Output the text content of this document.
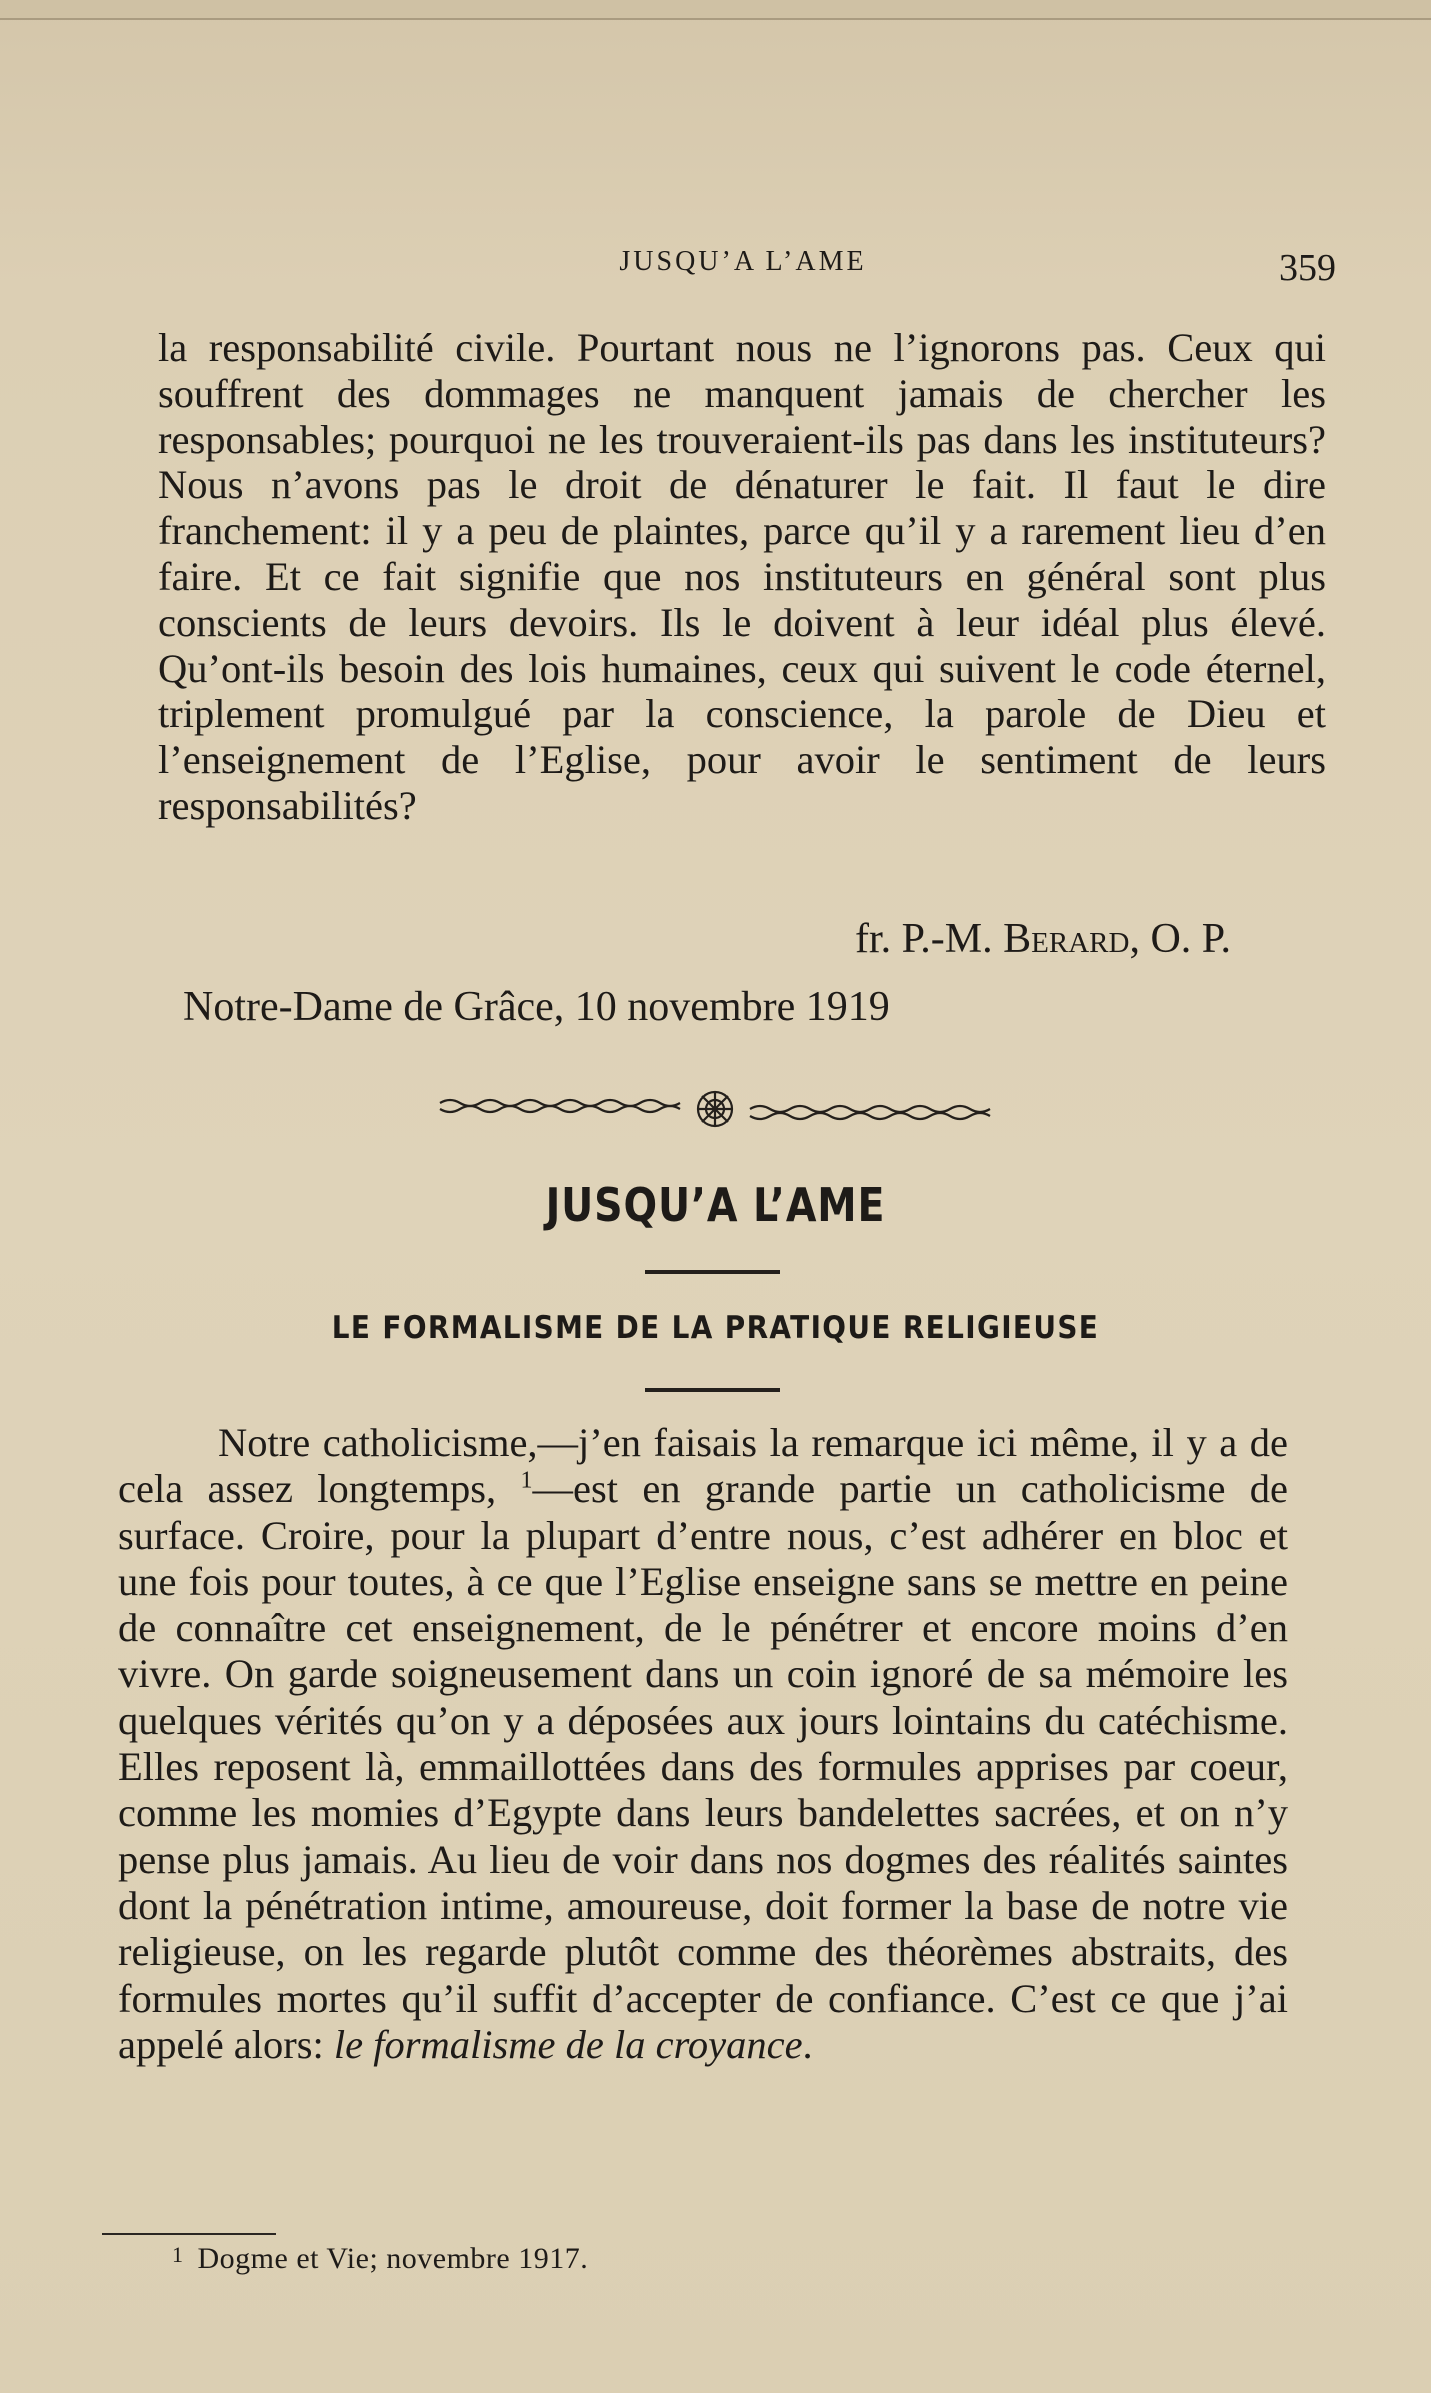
JUSQU’A L’AME	359

la responsabilité civile. Pourtant nous ne l’ignorons pas. Ceux qui souffrent des dommages ne manquent jamais de chercher les responsables; pourquoi ne les trouveraient-ils pas dans les instituteurs? Nous n’avons pas le droit de dénaturer le fait. Il faut le dire franchement: il y a peu de plaintes, parce qu’il y a rarement lieu d’en faire. Et ce fait signifie que nos instituteurs en général sont plus conscients de leurs devoirs. Ils le doivent à leur idéal plus élevé. Qu’ont-ils besoin des lois humaines, ceux qui suivent le code éternel, triplement promulgué par la conscience, la parole de Dieu et l’enseignement de l’Eglise, pour avoir le sentiment de leurs responsabilités?

fr. P.-M. Berard, O. P.
Notre-Dame de Grâce, 10 novembre 1919
JUSQU’A L’AME
LE FORMALISME DE LA PRATIQUE RELIGIEUSE

Notre catholicisme,—j’en faisais la remarque ici même, il y a de cela assez longtemps, $^1$—est en grande partie un catholicisme de surface. Croire, pour la plupart d’entre nous, c’est adhérer en bloc et une fois pour toutes, à ce que l’Eglise enseigne sans se mettre en peine de connaître cet enseignement, de le pénétrer et encore moins d’en vivre. On garde soigneusement dans un coin ignoré de sa mémoire les quelques vérités qu’on y a déposées aux jours lointains du catéchisme. Elles reposent là, emmaillottées dans des formules apprises par coeur, comme les momies d’Egypte dans leurs bandelettes sacrées, et on n’y pense plus jamais. Au lieu de voir dans nos dogmes des réalités saintes dont la pénétration intime, amoureuse, doit former la base de notre vie religieuse, on les regarde plutôt comme des théorèmes abstraits, des formules mortes qu’il suffit d’accepter de confiance. C’est ce que j’ai appelé alors: le formalisme de la croyance.

$^1$ Dogme et Vie; novembre 1917.
